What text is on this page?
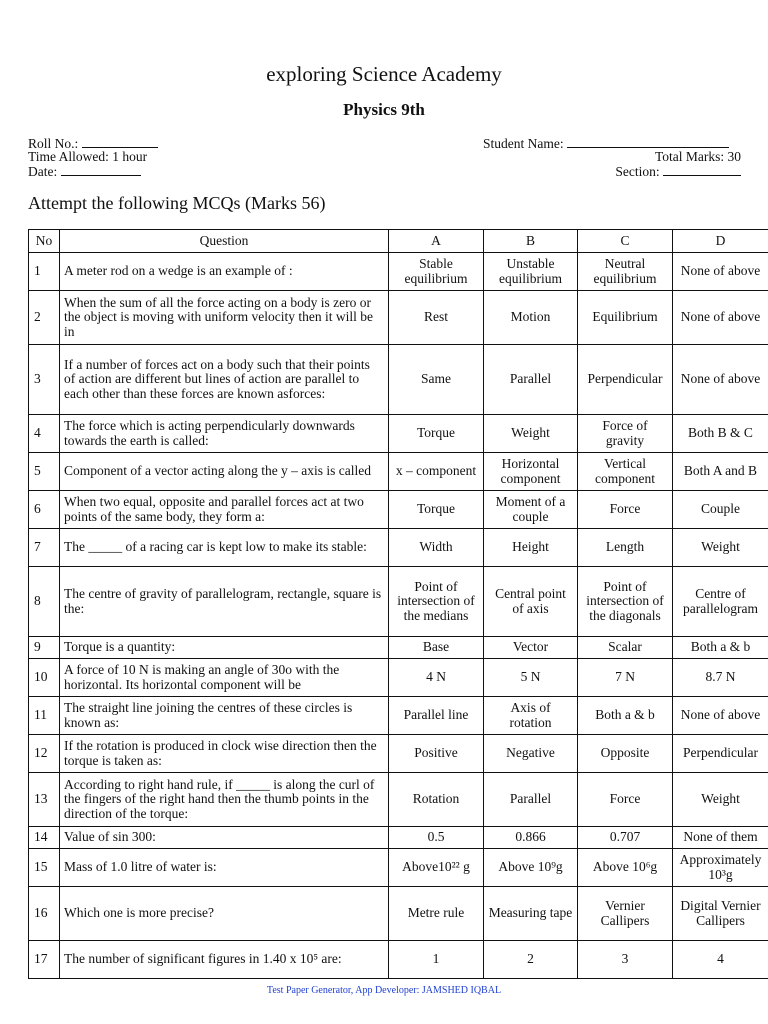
exploring Science Academy
Physics 9th
Roll No.:
Time Allowed: 1 hour
Date:
Student Name:
Total Marks: 30
Section:
Attempt the following MCQs (Marks 56)
No	Question	A	B	C	D
1	A meter rod on a wedge is an example of :	Stable equilibrium	Unstable equilibrium	Neutral equilibrium	None of above
2	When the sum of all the force acting on a body is zero or the object is moving with uniform velocity then it will be in	Rest	Motion	Equilibrium	None of above
3	If a number of forces act on a body such that their points of action are different but lines of action are parallel to each other than these forces are known asforces:	Same	Parallel	Perpendicular	None of above
4	The force which is acting perpendicularly downwards towards the earth is called:	Torque	Weight	Force of gravity	Both B & C
5	Component of a vector acting along the y – axis is called	x – component	Horizontal component	Vertical component	Both A and B
6	When two equal, opposite and parallel forces act at two points of the same body, they form a:	Torque	Moment of a couple	Force	Couple
7	The _____ of a racing car is kept low to make its stable:	Width	Height	Length	Weight
8	The centre of gravity of parallelogram, rectangle, square is the:	Point of intersection of the medians	Central point of axis	Point of intersection of the diagonals	Centre of parallelogram
9	Torque is a quantity:	Base	Vector	Scalar	Both a & b
10	A force of 10 N is making an angle of 30o with the horizontal. Its horizontal component will be	4 N	5 N	7 N	8.7 N
11	The straight line joining the centres of these circles is known as:	Parallel line	Axis of rotation	Both a & b	None of above
12	If the rotation is produced in clock wise direction then the torque is taken as:	Positive	Negative	Opposite	Perpendicular
13	According to right hand rule, if _____ is along the curl of the fingers of the right hand then the thumb points in the direction of the torque:	Rotation	Parallel	Force	Weight
14	Value of sin 300:	0.5	0.866	0.707	None of them
15	Mass of 1.0 litre of water is:	Above10²² g	Above 10⁹g	Above 10⁶g	Approximately 10³g
16	Which one is more precise?	Metre rule	Measuring tape	Vernier Callipers	Digital Vernier Callipers
17	The number of significant figures in 1.40 x 10⁵ are:	1	2	3	4
Test Paper Generator, App Developer: JAMSHED IQBAL
